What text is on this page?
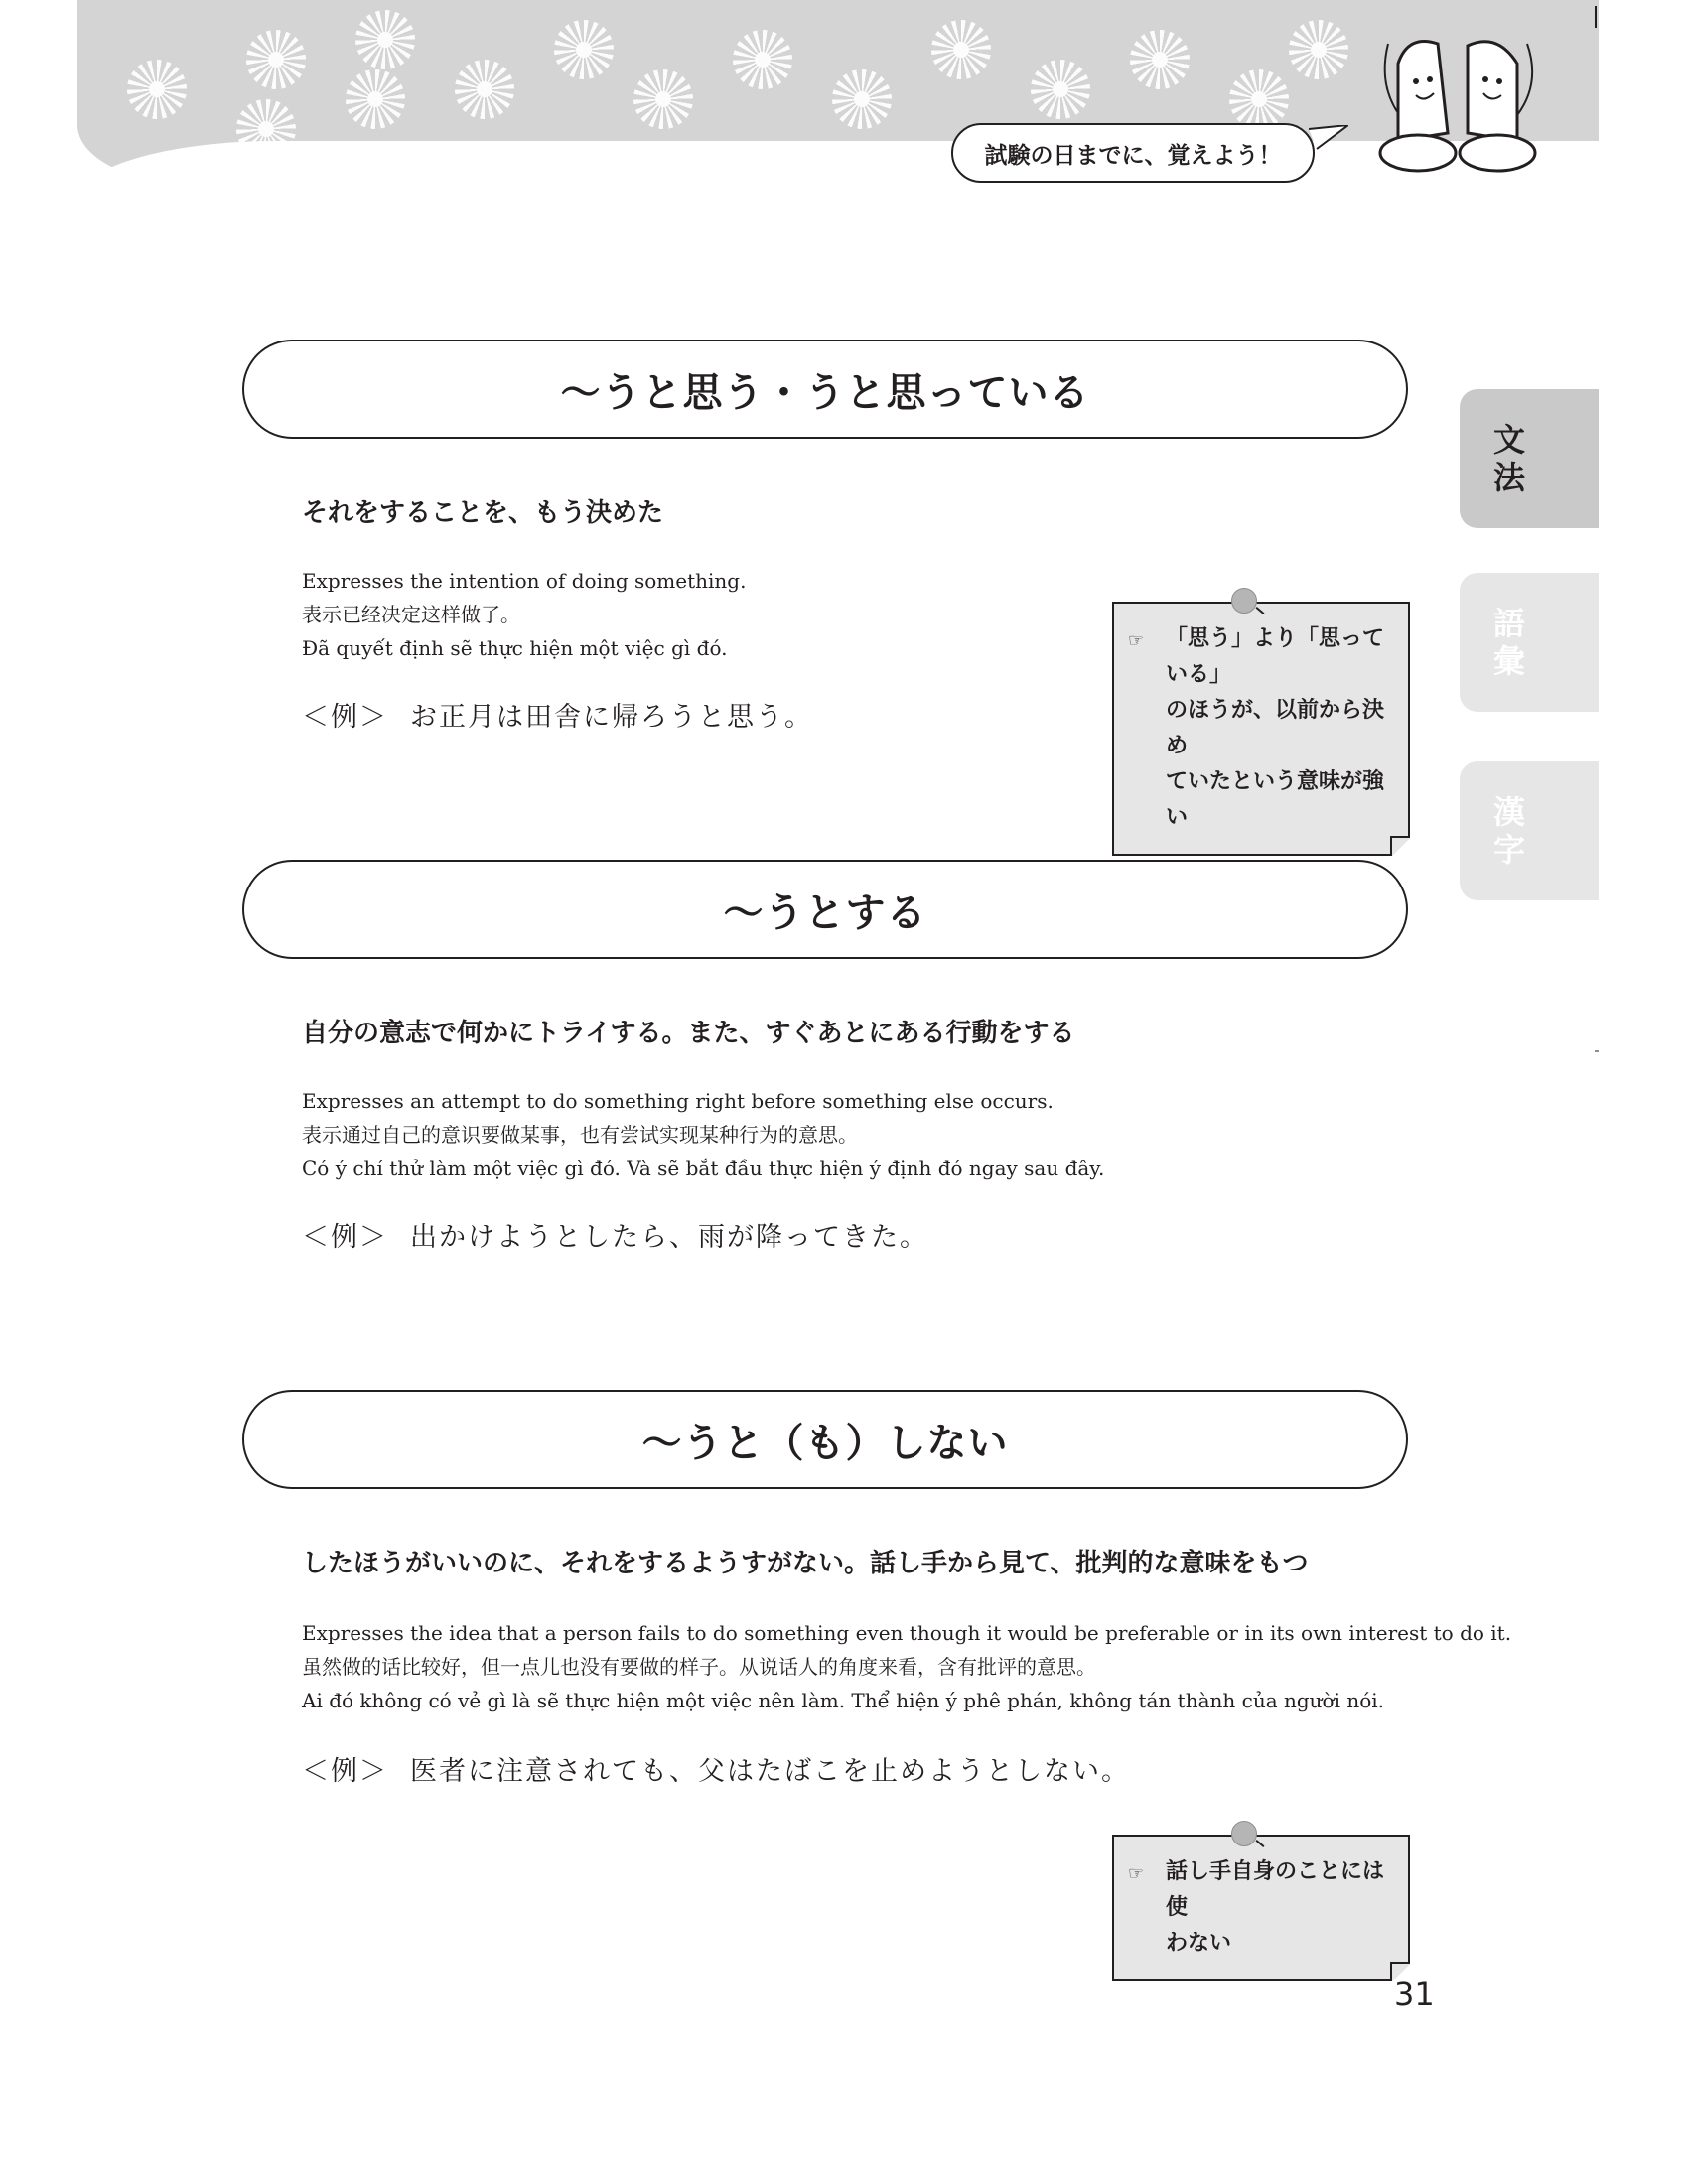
試験の日までに、覚えよう！
文
法
語
彙
漢
字
〜うと思う・うと思っている
それをすることを、もう決めた
Expresses the intention of doing something.
表示已经决定这样做了。
Đã quyết định sẽ thực hiện một việc gì đó.
＜例＞ お正月は田舎に帰ろうと思う。
☞ 「思う」より「思っている」
のほうが、以前から決め
ていたという意味が強い
〜うとする
自分の意志で何かにトライする。また、すぐあとにある行動をする
Expresses an attempt to do something right before something else occurs.
表示通过自己的意识要做某事，也有尝试实现某种行为的意思。
Có ý chí thử làm một việc gì đó. Và sẽ bắt đầu thực hiện ý định đó ngay sau đây.
＜例＞ 出かけようとしたら、雨が降ってきた。
〜うと（も）しない
したほうがいいのに、それをするようすがない。話し手から見て、批判的な意味をもつ
Expresses the idea that a person fails to do something even though it would be preferable or in its own interest to do it.
虽然做的话比较好，但一点儿也没有要做的样子。从说话人的角度来看，含有批评的意思。
Ai đó không có vẻ gì là sẽ thực hiện một việc nên làm. Thể hiện ý phê phán, không tán thành của người nói.
＜例＞ 医者に注意されても、父はたばこを止めようとしない。
☞ 話し手自身のことには使
わない
31
